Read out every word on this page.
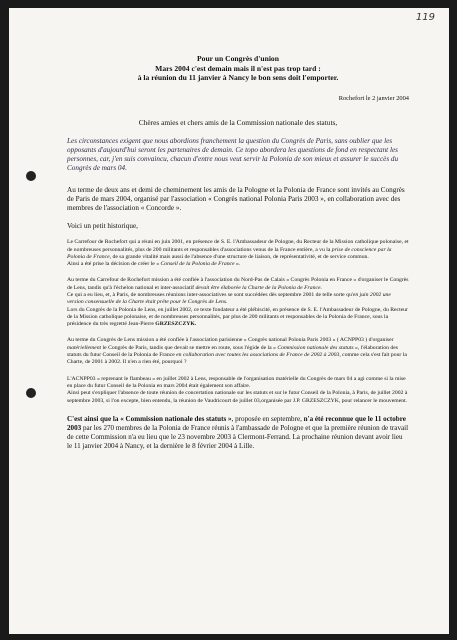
119
Pour un Congrès d'union
Mars 2004 c'est demain mais il n'est pas trop tard :
à la réunion du 11 janvier à Nancy le bon sens doit l'emporter.
Rochefort le 2 janvier 2004
Chères amies et chers amis de la Commission nationale des statuts,

Les circonstances exigent que nous abordions franchement la question du Congrès de Paris, sans oublier que les opposants d'aujourd'hui seront les partenaires de demain. Ce topo abordera les questions de fond en respectant les personnes, car, j'en suis convaincu, chacun d'entre nous veut servir la Polonia de son mieux et assurer le succès du Congrès de mars 04.

Au terme de deux ans et demi de cheminement les amis de la Pologne et la Polonia de France sont invités au Congrès de Paris de mars 2004, organisé par l'association « Congrès national Polonia Paris 2003 », en collaboration avec des membres de l'association « Concorde ».

Voici un petit historique,

Le Carrefour de Rochefort qui a réuni en juin 2001, en présence de S. E. l'Ambassadeur de Pologne, du Recteur de la Mission catholique polonaise, et de nombreuses personnalités, plus de 200 militants et responsables d'associations venus de la France entière, a vu la prise de conscience par la Polonia de France, de sa grande vitalité mais aussi de l'absence d'une structure de liaison, de représentativité, et de service commun.

Ainsi a été prise la décision de créer le « Conseil de la Polonia de France ».

Au terme du Carrefour de Rochefort mission a été confiée à l'association du Nord-Pas de Calais « Congrès Polonia en France » d'organiser le Congrès de Lens, tandis qu'à l'échelon national et inter-associatif devait être élaborée la Charte de la Polonia de France.

Ce qui a eu lieu, et, à Paris, de nombreuses réunions inter-associatives se sont succédées dès septembre 2001 de telle sorte qu'en juin 2002 une version consensuelle de la Charte était prête pour le Congrès de Lens.

Lors du Congrès de la Polonia de Lens, en juillet 2002, ce texte fondateur a été plébiscité, en présence de S. E. l'Ambassadeur de Pologne, du Recteur de la Mission catholique polonaise, et de nombreuses personnalités, par plus de 200 militants et responsables de la Polonia de France, sous la présidence du très regretté Jean-Pierre GRZESZCZYK.

Au terme du Congrès de Lens mission a été confiée à l'association parisienne « Congrès national Polonia Paris 2003 » ( ACNPP03 ) d'organiser matériellement le Congrès de Paris, tandis que devait se mettre en route, sous l'égide de la « Commission nationale des statuts », l'élaboration des statuts du futur Conseil de la Polonia de France en collaboration avec toutes les associations de France de 2002 à 2003, comme cela s'est fait pour la Charte, de 2001 à 2002. Il n'en a rien été, pourquoi ?

L'ACNPP03 « reprenant le flambeau » en juillet 2002 à Lens, responsable de l'organisation matérielle du Congrès de mars 04 a agi comme si la mise en place du futur Conseil de la Polonia en mars 2004 était également son affaire.

Ainsi peut s'expliquer l'absence de toute réunion de concertation nationale sur les statuts et sur le futur Conseil de la Polonia, à Paris, de juillet 2002 à septembre 2003, si l'on excepte, bien entendu, la réunion de Vaudricourt de juillet 03,organisée par J.P. GRZESZCZYK, pour relancer le mouvement.

C'est ainsi que la « Commission nationale des statuts », proposée en septembre, n'a été reconnue que le 11 octobre 2003 par les 270 membres de la Polonia de France réunis à l'ambassade de Pologne et que la première réunion de travail de cette Commission n'a eu lieu que le 23 novembre 2003 à Clermont-Ferrand. La prochaine réunion devant avoir lieu le 11 janvier 2004 à Nancy, et la dernière le 8 février 2004 à Lille.
